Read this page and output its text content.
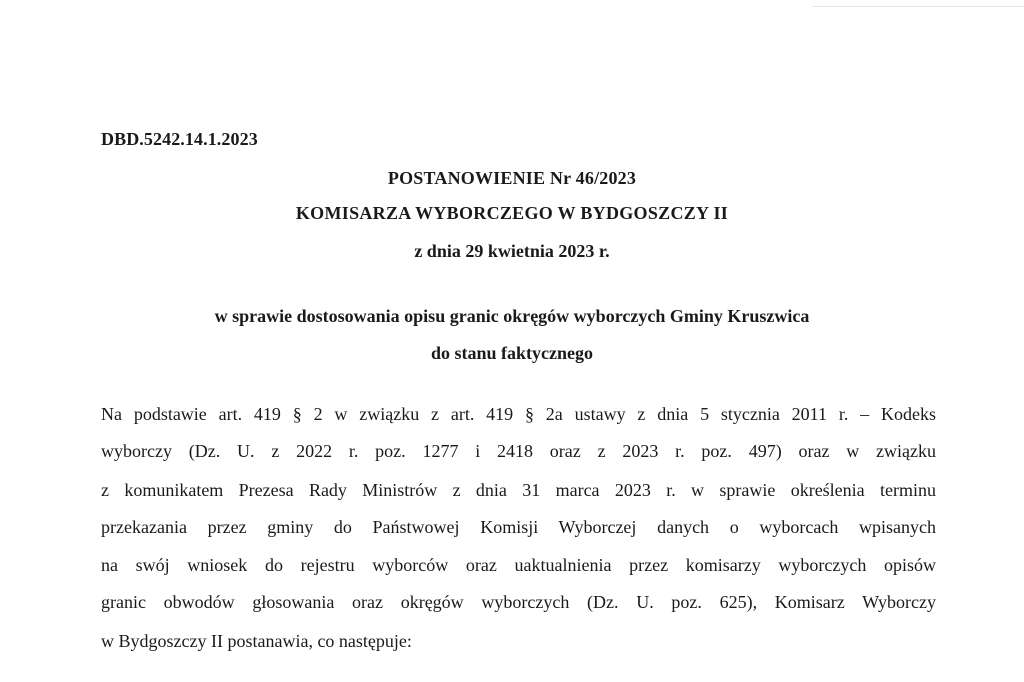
DBD.5242.14.1.2023
POSTANOWIENIE Nr 46/2023
KOMISARZA WYBORCZEGO W BYDGOSZCZY II
z dnia 29 kwietnia 2023 r.
w sprawie dostosowania opisu granic okręgów wyborczych Gminy Kruszwica
do stanu faktycznego
Na podstawie art. 419 § 2 w związku z art. 419 § 2a ustawy z dnia 5 stycznia 2011 r. – Kodeks
wyborczy (Dz. U. z 2022 r. poz. 1277 i 2418 oraz z 2023 r. poz. 497) oraz w związku
z komunikatem Prezesa Rady Ministrów z dnia 31 marca 2023 r. w sprawie określenia terminu
przekazania przez gminy do Państwowej Komisji Wyborczej danych o wyborcach wpisanych
na swój wniosek do rejestru wyborców oraz uaktualnienia przez komisarzy wyborczych opisów
granic obwodów głosowania oraz okręgów wyborczych (Dz. U. poz. 625), Komisarz Wyborczy
w Bydgoszczy II postanawia, co następuje:
